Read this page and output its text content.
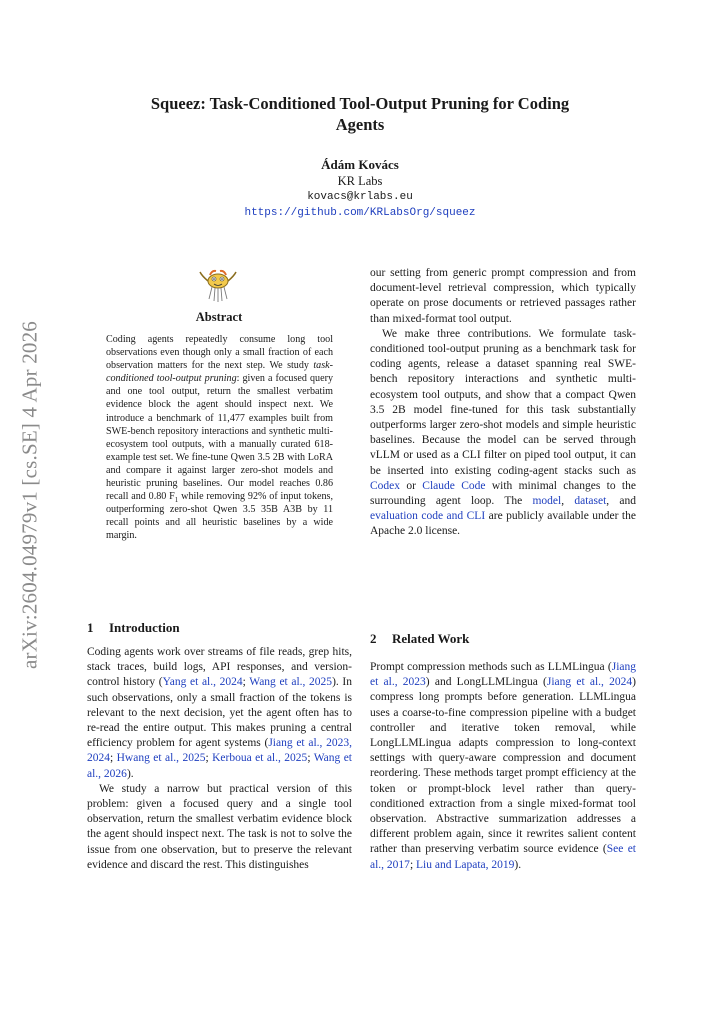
arXiv:2604.04979v1 [cs.SE] 4 Apr 2026
Squeez: Task-Conditioned Tool-Output Pruning for Coding
Agents
Ádám Kovács
KR Labs
kovacs@krlabs.eu
https://github.com/KRLabsOrg/squeez
Abstract

Coding agents repeatedly consume long tool observations even though only a small fraction of each observation matters for the next step. We study task-conditioned tool-output pruning: given a focused query and one tool output, return the smallest verbatim evidence block the agent should inspect next. We introduce a benchmark of 11,477 examples built from SWE-bench repository interactions and synthetic multi-ecosystem tool outputs, with a manually curated 618-example test set. We fine-tune Qwen 3.5 2B with LoRA and compare it against larger zero-shot models and heuristic pruning baselines. Our model reaches 0.86 recall and 0.80 $F_1$ while removing 92% of input tokens, outperforming zero-shot Qwen 3.5 35B A3B by 11 recall points and all heuristic baselines by a wide margin.

1 Introduction

Coding agents work over streams of file reads, grep hits, stack traces, build logs, API responses, and version-control history (Yang et al., 2024; Wang et al., 2025). In such observations, only a small fraction of the tokens is relevant to the next decision, yet the agent often has to re-read the entire output. This makes pruning a central efficiency problem for agent systems (Jiang et al., 2023, 2024; Hwang et al., 2025; Kerboua et al., 2025; Wang et al., 2026).

We study a narrow but practical version of this problem: given a focused query and a single tool observation, return the smallest verbatim evidence block the agent should inspect next. The task is not to solve the issue from one observation, but to preserve the relevant evidence and discard the rest. This distinguishes

our setting from generic prompt compression and from document-level retrieval compression, which typically operate on prose documents or retrieved passages rather than mixed-format tool output.

We make three contributions. We formulate task-conditioned tool-output pruning as a benchmark task for coding agents, release a dataset spanning real SWE-bench repository interactions and synthetic multi-ecosystem tool outputs, and show that a compact Qwen 3.5 2B model fine-tuned for this task substantially outperforms larger zero-shot models and simple heuristic baselines. Because the model can be served through vLLM or used as a CLI filter on piped tool output, it can be inserted into existing coding-agent stacks such as Codex or Claude Code with minimal changes to the surrounding agent loop. The model, dataset, and evaluation code and CLI are publicly available under the Apache 2.0 license.

2 Related Work

Prompt compression methods such as LLMLingua (Jiang et al., 2023) and LongLLMLingua (Jiang et al., 2024) compress long prompts before generation. LLMLingua uses a coarse-to-fine compression pipeline with a budget controller and iterative token removal, while LongLLMLingua adapts compression to long-context settings with query-aware compression and document reordering. These methods target prompt efficiency at the token or prompt-block level rather than query-conditioned extraction from a single mixed-format tool observation. Abstractive summarization addresses a different problem again, since it rewrites salient content rather than preserving verbatim source evidence (See et al., 2017; Liu and Lapata, 2019).
